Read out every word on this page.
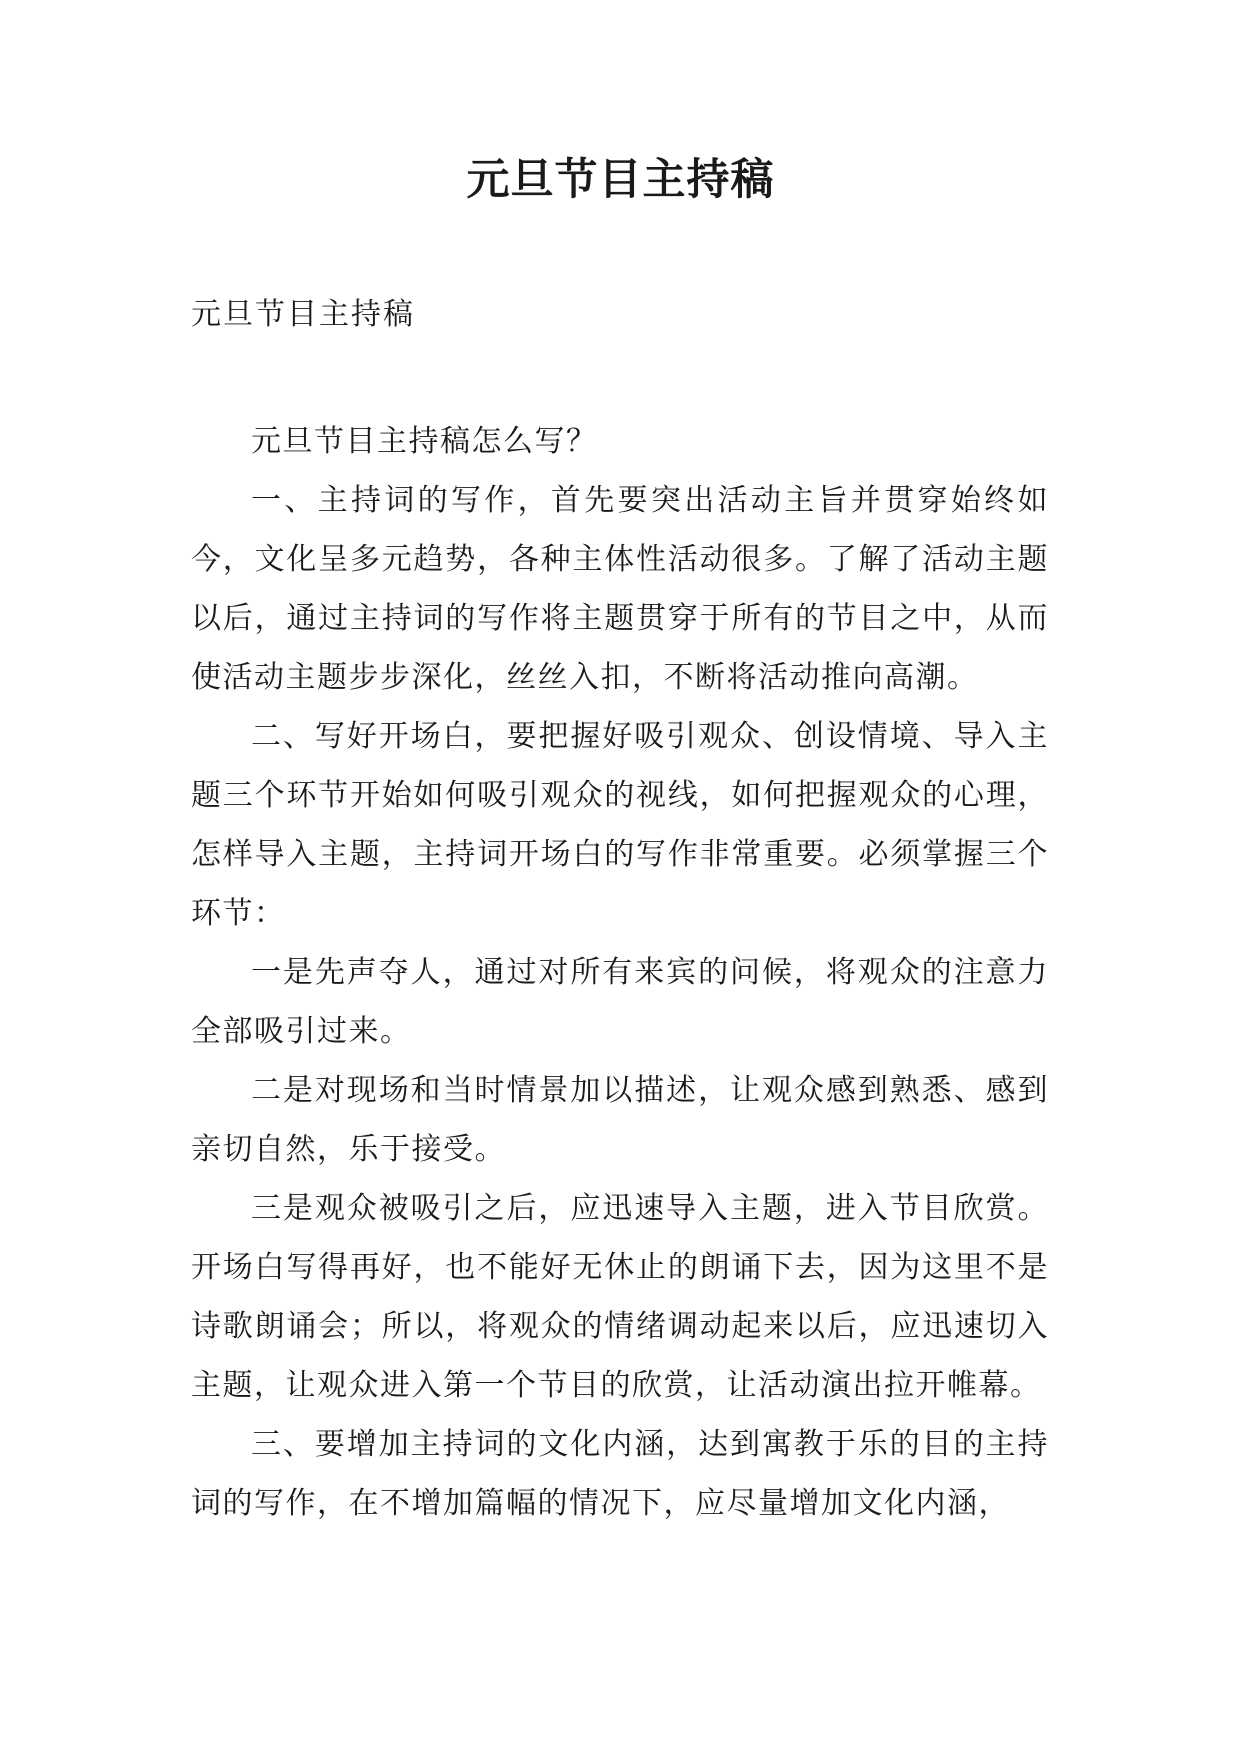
元旦节目主持稿
元旦节目主持稿

元旦节目主持稿怎么写？

一、主持词的写作，首先要突出活动主旨并贯穿始终如今，文化呈多元趋势，各种主体性活动很多。了解了活动主题以后，通过主持词的写作将主题贯穿于所有的节目之中，从而使活动主题步步深化，丝丝入扣，不断将活动推向高潮。

二、写好开场白，要把握好吸引观众、创设情境、导入主题三个环节开始如何吸引观众的视线，如何把握观众的心理，怎样导入主题，主持词开场白的写作非常重要。必须掌握三个环节：

一是先声夺人，通过对所有来宾的问候，将观众的注意力全部吸引过来。

二是对现场和当时情景加以描述，让观众感到熟悉、感到亲切自然，乐于接受。

三是观众被吸引之后，应迅速导入主题，进入节目欣赏。开场白写得再好，也不能好无休止的朗诵下去，因为这里不是诗歌朗诵会；所以，将观众的情绪调动起来以后，应迅速切入主题，让观众进入第一个节目的欣赏，让活动演出拉开帷幕。

三、要增加主持词的文化内涵，达到寓教于乐的目的主持词的写作，在不增加篇幅的情况下，应尽量增加文化内涵，
